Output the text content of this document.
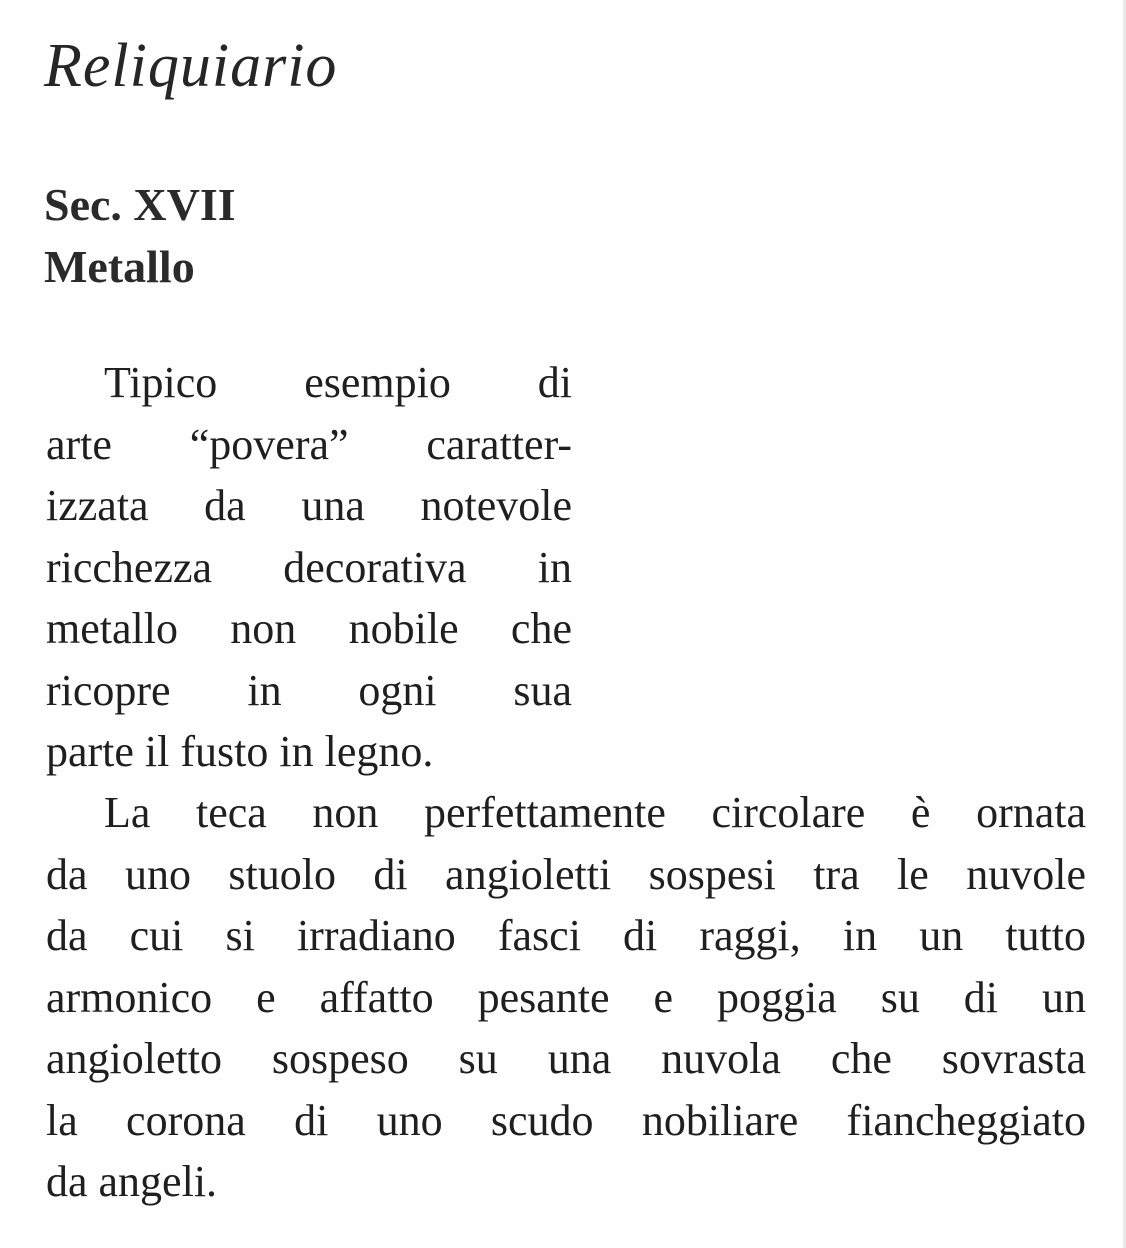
Reliquiario
Sec. XVII
Metallo
Tipico esempio di
arte “povera” caratter-
izzata da una notevole
ricchezza decorativa in
metallo non nobile che
ricopre in ogni sua
parte il fusto in legno.
La teca non perfettamente circolare è ornata
da uno stuolo di angioletti sospesi tra le nuvole
da cui si irradiano fasci di raggi, in un tutto
armonico e affatto pesante e poggia su di un
angioletto sospeso su una nuvola che sovrasta
la corona di uno scudo nobiliare fiancheggiato
da angeli.
